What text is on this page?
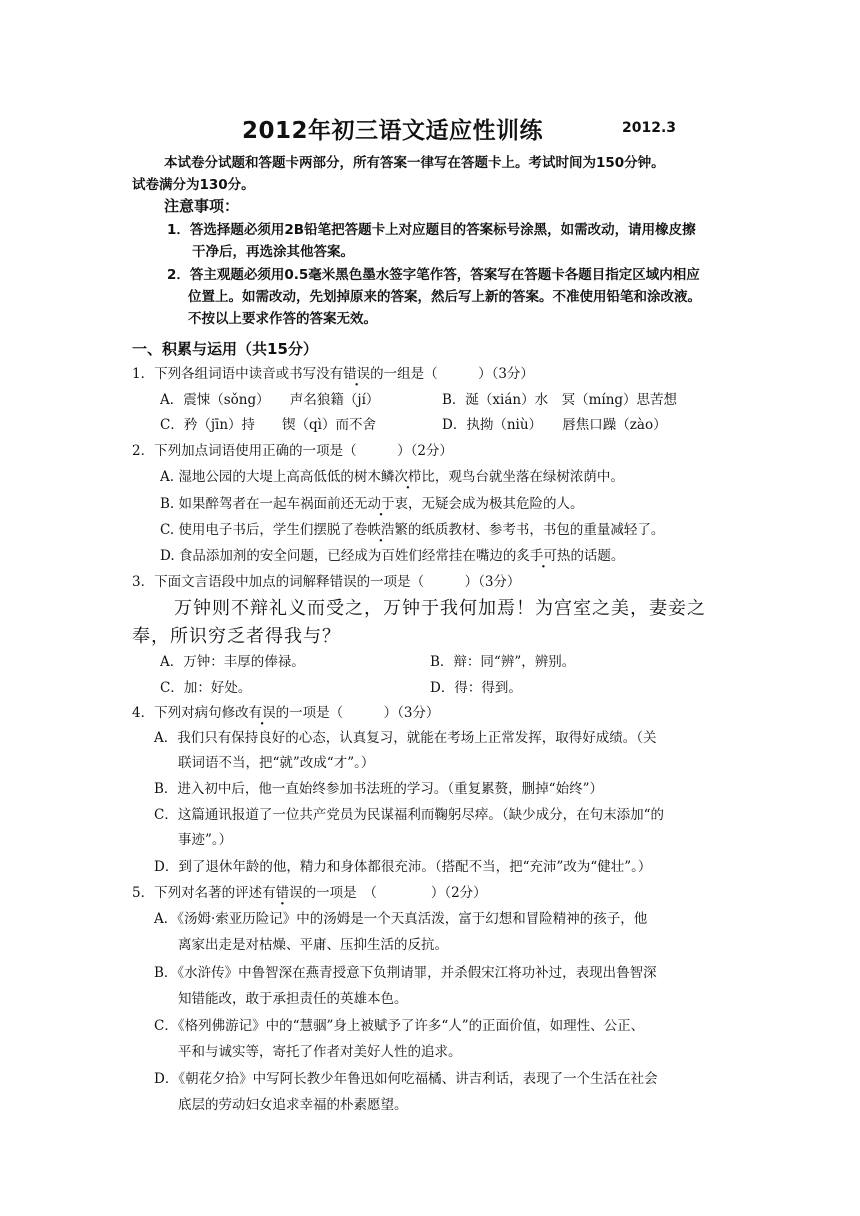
2012年初三语文适应性训练	2012.3
本试卷分试题和答题卡两部分，所有答案一律写在答题卡上。考试时间为150分钟。
试卷满分为130分。
注意事项：
1．答选择题必须用2B铅笔把答题卡上对应题目的答案标号涂黑，如需改动，请用橡皮擦
干净后，再选涂其他答案。
2．答主观题必须用0.5毫米黑色墨水签字笔作答，答案写在答题卡各题目指定区域内相应
位置上。如需改动，先划掉原来的答案，然后写上新的答案。不准使用铅笔和涂改液。
不按以上要求作答的答案无效。
一、积累与运用（共15分）
1．下列各组词语中读音或书写没有错误的一组是（　　　）（3分）
A．震悚（sǒng）　　声名狼籍（jí）	B．涎（xián）水　冥（míng）思苦想
C．矜（jīn）持　　锲（qì）而不舍	D．执拗（niù）　　唇焦口躁（zào）
2．下列加点词语使用正确的一项是（　　　）（2分）
A. 湿地公园的大堤上高高低低的树木鳞次栉比，观鸟台就坐落在绿树浓荫中。
B. 如果醉驾者在一起车祸面前还无动于衷，无疑会成为极其危险的人。
C. 使用电子书后，学生们摆脱了卷帙浩繁的纸质教材、参考书，书包的重量减轻了。
D. 食品添加剂的安全问题，已经成为百姓们经常挂在嘴边的炙手可热的话题。
3．下面文言语段中加点的词解释错误的一项是（　　　）（3分）
万钟则不辩礼义而受之，万钟于我何加焉！为宫室之美，妻妾之
奉，所识穷乏者得我与？
A．万钟：丰厚的俸禄。	B．辩：同“辨”，辨别。
C．加：好处。	D．得：得到。
4．下列对病句修改有误的一项是（　　　）（3分）
A．我们只有保持良好的心态，认真复习，就能在考场上正常发挥，取得好成绩。（关
联词语不当，把“就”改成“才”。）
B．进入初中后，他一直始终参加书法班的学习。（重复累赘，删掉“始终”）
C．这篇通讯报道了一位共产党员为民谋福利而鞠躬尽瘁。（缺少成分，在句末添加“的
事迹”。）
D．到了退休年龄的他，精力和身体都很充沛。（搭配不当，把“充沛”改为“健壮”。）
5．下列对名著的评述有错误的一项是　（　　　　）（2分）
A．《汤姆·索亚历险记》中的汤姆是一个天真活泼，富于幻想和冒险精神的孩子，他
离家出走是对枯燥、平庸、压抑生活的反抗。
B．《水浒传》中鲁智深在燕青授意下负荆请罪，并杀假宋江将功补过，表现出鲁智深
知错能改，敢于承担责任的英雄本色。
C．《格列佛游记》中的“慧骃”身上被赋予了许多“人”的正面价值，如理性、公正、
平和与诚实等，寄托了作者对美好人性的追求。
D．《朝花夕拾》中写阿长教少年鲁迅如何吃福橘、讲吉利话，表现了一个生活在社会
底层的劳动妇女追求幸福的朴素愿望。
